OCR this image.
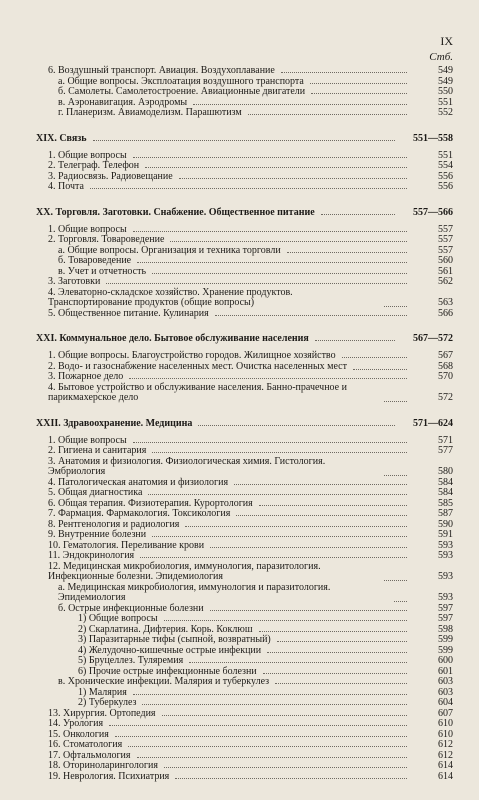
IX
Стб.
6. Воздушный транспорт. Авиация. Воздухоплавание	549
а. Общие вопросы. Эксплоатация воздушного транспорта	549
б. Самолеты. Самолетостроение. Авиационные двигатели	550
в. Аэронавигация. Аэродромы	551
г. Планеризм. Авиамоделизм. Парашютизм	552
XIX. Связь	551—558
1. Общие вопросы	551
2. Телеграф. Телефон	554
3. Радиосвязь. Радиовещание	556
4. Почта	556
XX. Торговля. Заготовки. Снабжение. Общественное питание	557—566
1. Общие вопросы	557
2. Торговля. Товароведение	557
а. Общие вопросы. Организация и техника торговли	557
б. Товароведение	560
в. Учет и отчетность	561
3. Заготовки	562
4. Элеваторно-складское хозяйство. Хранение продуктов. Транспортирование продуктов (общие вопросы)	563
5. Общественное питание. Кулинария	566
XXI. Коммунальное дело. Бытовое обслуживание населения	567—572
1. Общие вопросы. Благоустройство городов. Жилищное хозяйство	567
2. Водо- и газоснабжение населенных мест. Очистка населенных мест	568
3. Пожарное дело	570
4. Бытовое устройство и обслуживание населения. Банно-прачечное и парикмахерское дело	572
XXII. Здравоохранение. Медицина	571—624
1. Общие вопросы	571
2. Гигиена и санитария	577
3. Анатомия и физиология. Физиологическая химия. Гистология. Эмбриология	580
4. Патологическая анатомия и физиология	584
5. Общая диагностика	584
6. Общая терапия. Физиотерапия. Курортология	585
7. Фармация. Фармакология. Токсикология	587
8. Рентгенология и радиология	590
9. Внутренние болезни	591
10. Гематология. Переливание крови	593
11. Эндокринология	593
12. Медицинская микробиология, иммунология, паразитология. Инфекционные болезни. Эпидемиология	593
а. Медицинская микробиология, иммунология и паразитология. Эпидемиология	593
б. Острые инфекционные болезни	597
1) Общие вопросы	597
2) Скарлатина. Дифтерия. Корь. Коклюш	598
3) Паразитарные тифы (сыпной, возвратный)	599
4) Желудочно-кишечные острые инфекции	599
5) Бруцеллез. Туляремия	600
6) Прочие острые инфекционные болезни	601
в. Хронические инфекции. Малярия и туберкулез	603
1) Малярия	603
2) Туберкулез	604
13. Хирургия. Ортопедия	607
14. Урология	610
15. Онкология	610
16. Стоматология	612
17. Офтальмология	612
18. Оториноларингология	614
19. Неврология. Психиатрия	614
